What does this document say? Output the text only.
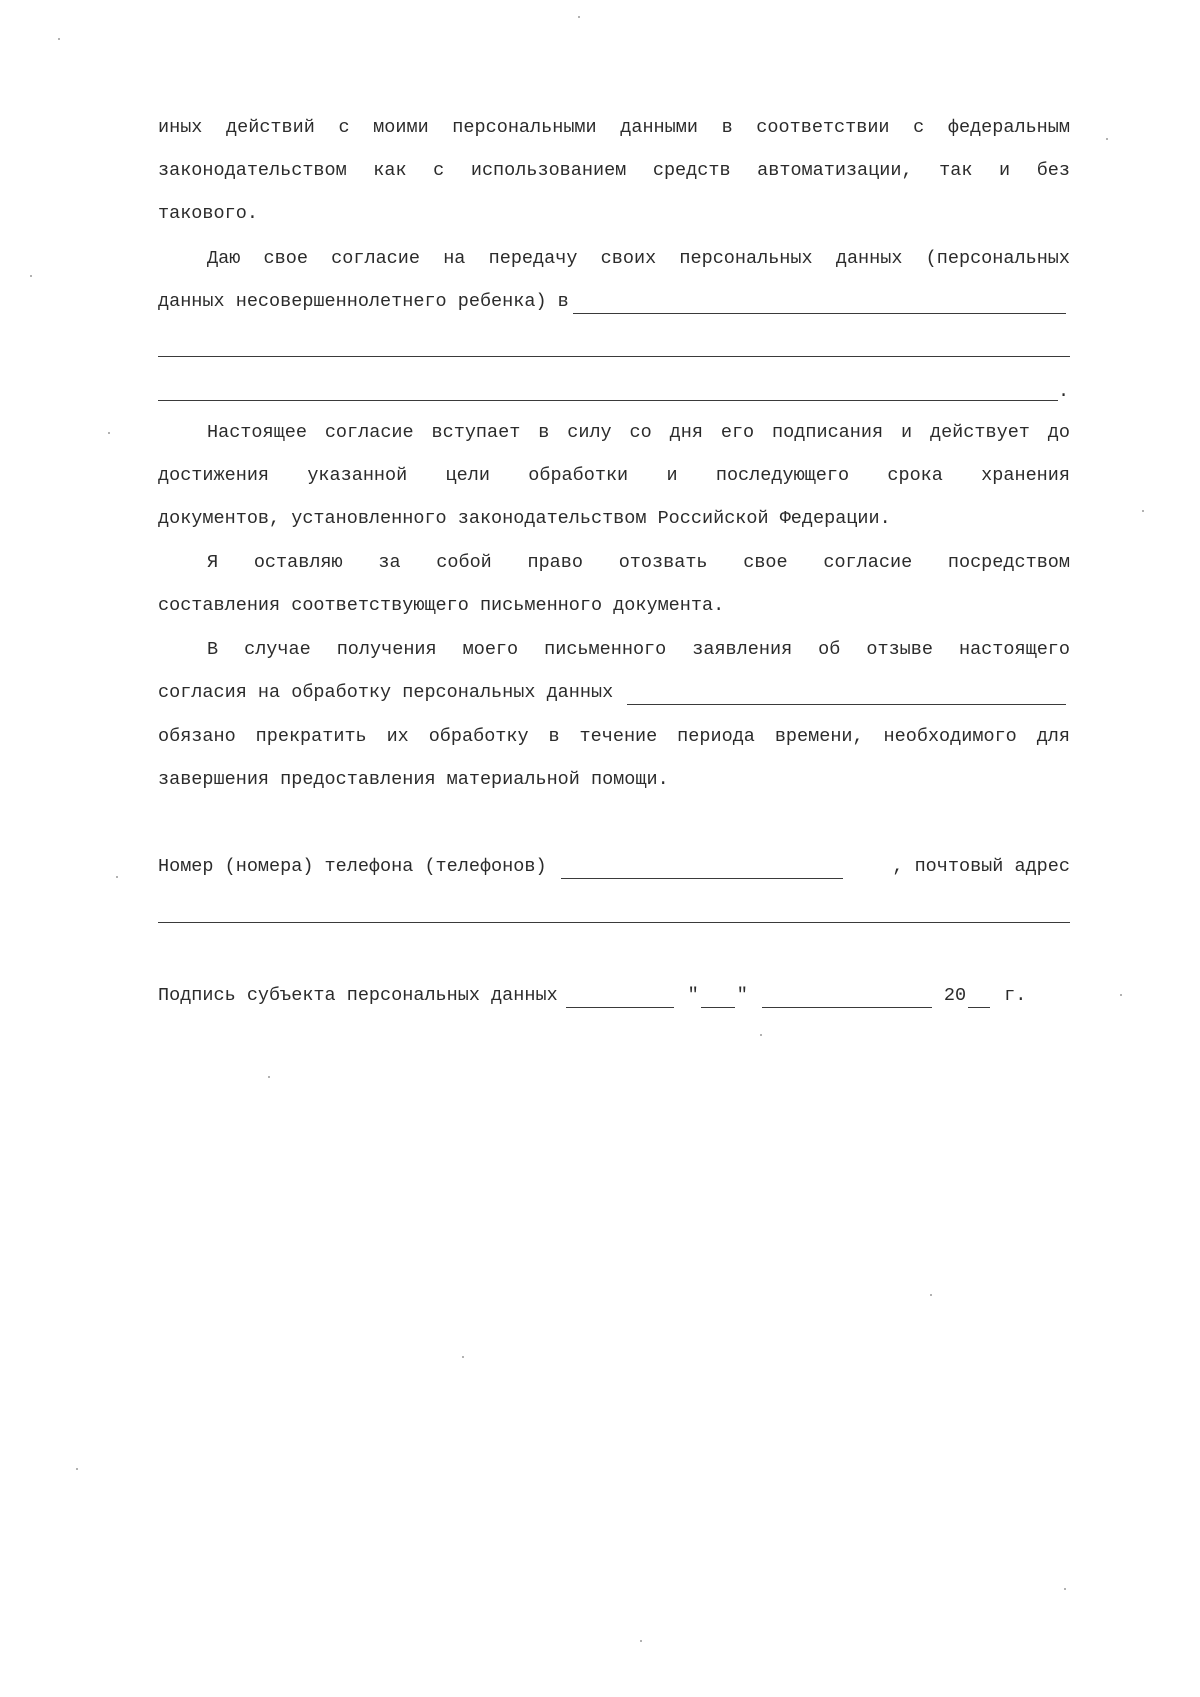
иных действий с моими персональными данными в соответствии с федеральным
законодательством как с использованием средств автоматизации, так и без
такового.
Даю свое согласие на передачу своих персональных данных (персональных
данных несовершеннолетнего ребенка) в
.
Настоящее согласие вступает в силу со дня его подписания и действует до
достижения указанной цели обработки и последующего срока хранения
документов, установленного законодательством Российской Федерации.
Я оставляю за собой право отозвать свое согласие посредством
составления соответствующего письменного документа.
В случае получения моего письменного заявления об отзыве настоящего
согласия на обработку персональных данных
обязано прекратить их обработку в течение периода времени, необходимого для
завершения предоставления материальной помощи.
Номер (номера) телефона (телефонов)	, почтовый адрес
Подпись субъекта персональных данных	" "	20 г.
